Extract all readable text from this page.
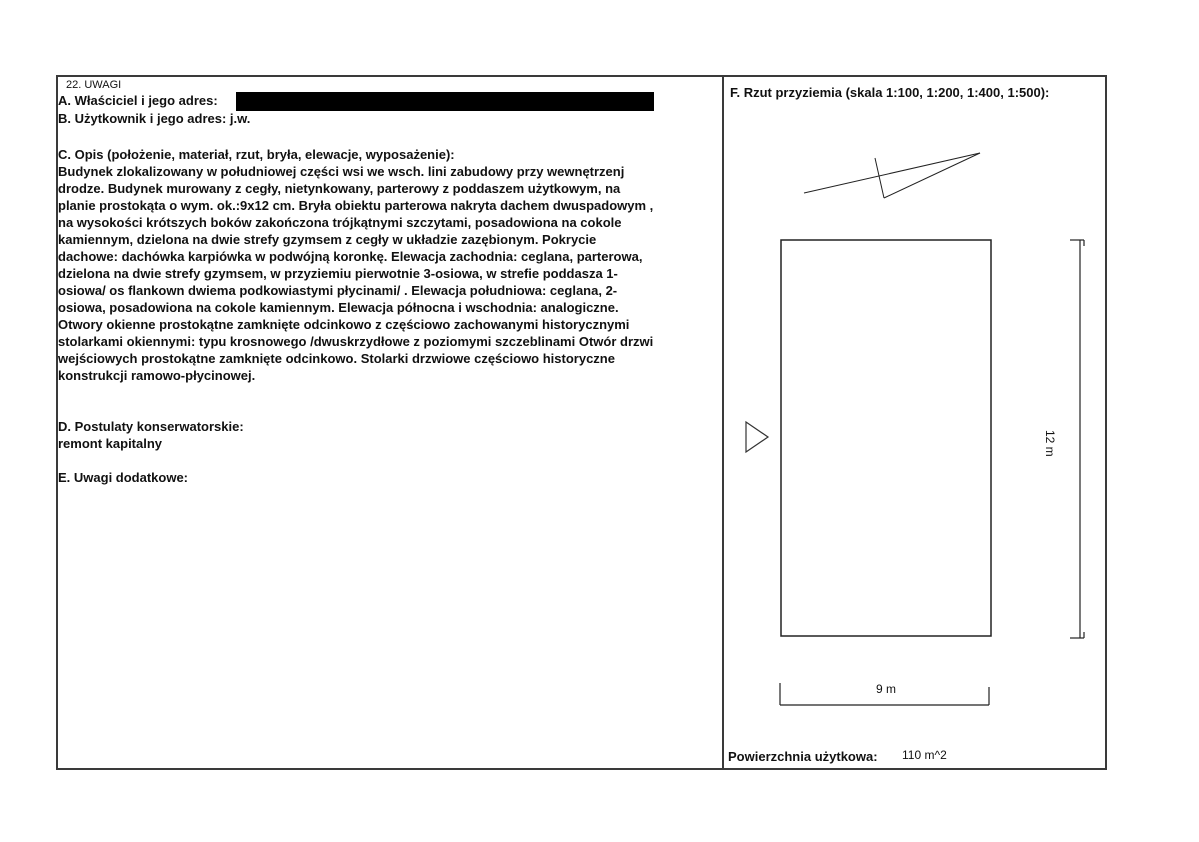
22. UWAGI
A. Właściciel i jego adres:
B. Użytkownik i jego adres: j.w.
C. Opis (położenie, materiał, rzut, bryła, elewacje, wyposażenie):
Budynek zlokalizowany w południowej części wsi we wsch. lini zabudowy przy wewnętrzenj
drodze. Budynek murowany z cegły, nietynkowany, parterowy z poddaszem użytkowym, na
planie prostokąta o wym. ok.:9x12 cm. Bryła obiektu parterowa nakryta dachem dwuspadowym ,
na wysokości krótszych boków zakończona trójkątnymi szczytami, posadowiona na cokole
kamiennym, dzielona na dwie strefy gzymsem z cegły w układzie zazębionym. Pokrycie
dachowe: dachówka karpiówka w podwójną koronkę. Elewacja zachodnia: ceglana, parterowa,
dzielona na dwie strefy gzymsem, w przyziemiu pierwotnie 3-osiowa, w strefie poddasza 1-
osiowa/ os flankown dwiema podkowiastymi płycinami/ . Elewacja południowa: ceglana, 2-
osiowa, posadowiona na cokole kamiennym. Elewacja północna i wschodnia: analogiczne.
Otwory okienne prostokątne zamknięte odcinkowo z częściowo zachowanymi historycznymi
stolarkami okiennymi: typu krosnowego /dwuskrzydłowe z poziomymi szczeblinami Otwór drzwi
wejściowych prostokątne zamknięte odcinkowo. Stolarki drzwiowe częściowo historyczne
konstrukcji ramowo-płycinowej.
D. Postulaty konserwatorskie:
remont kapitalny
E. Uwagi dodatkowe:
F. Rzut przyziemia (skala 1:100, 1:200, 1:400, 1:500):
9 m
12 m
Powierzchnia użytkowa: 110 m^2
